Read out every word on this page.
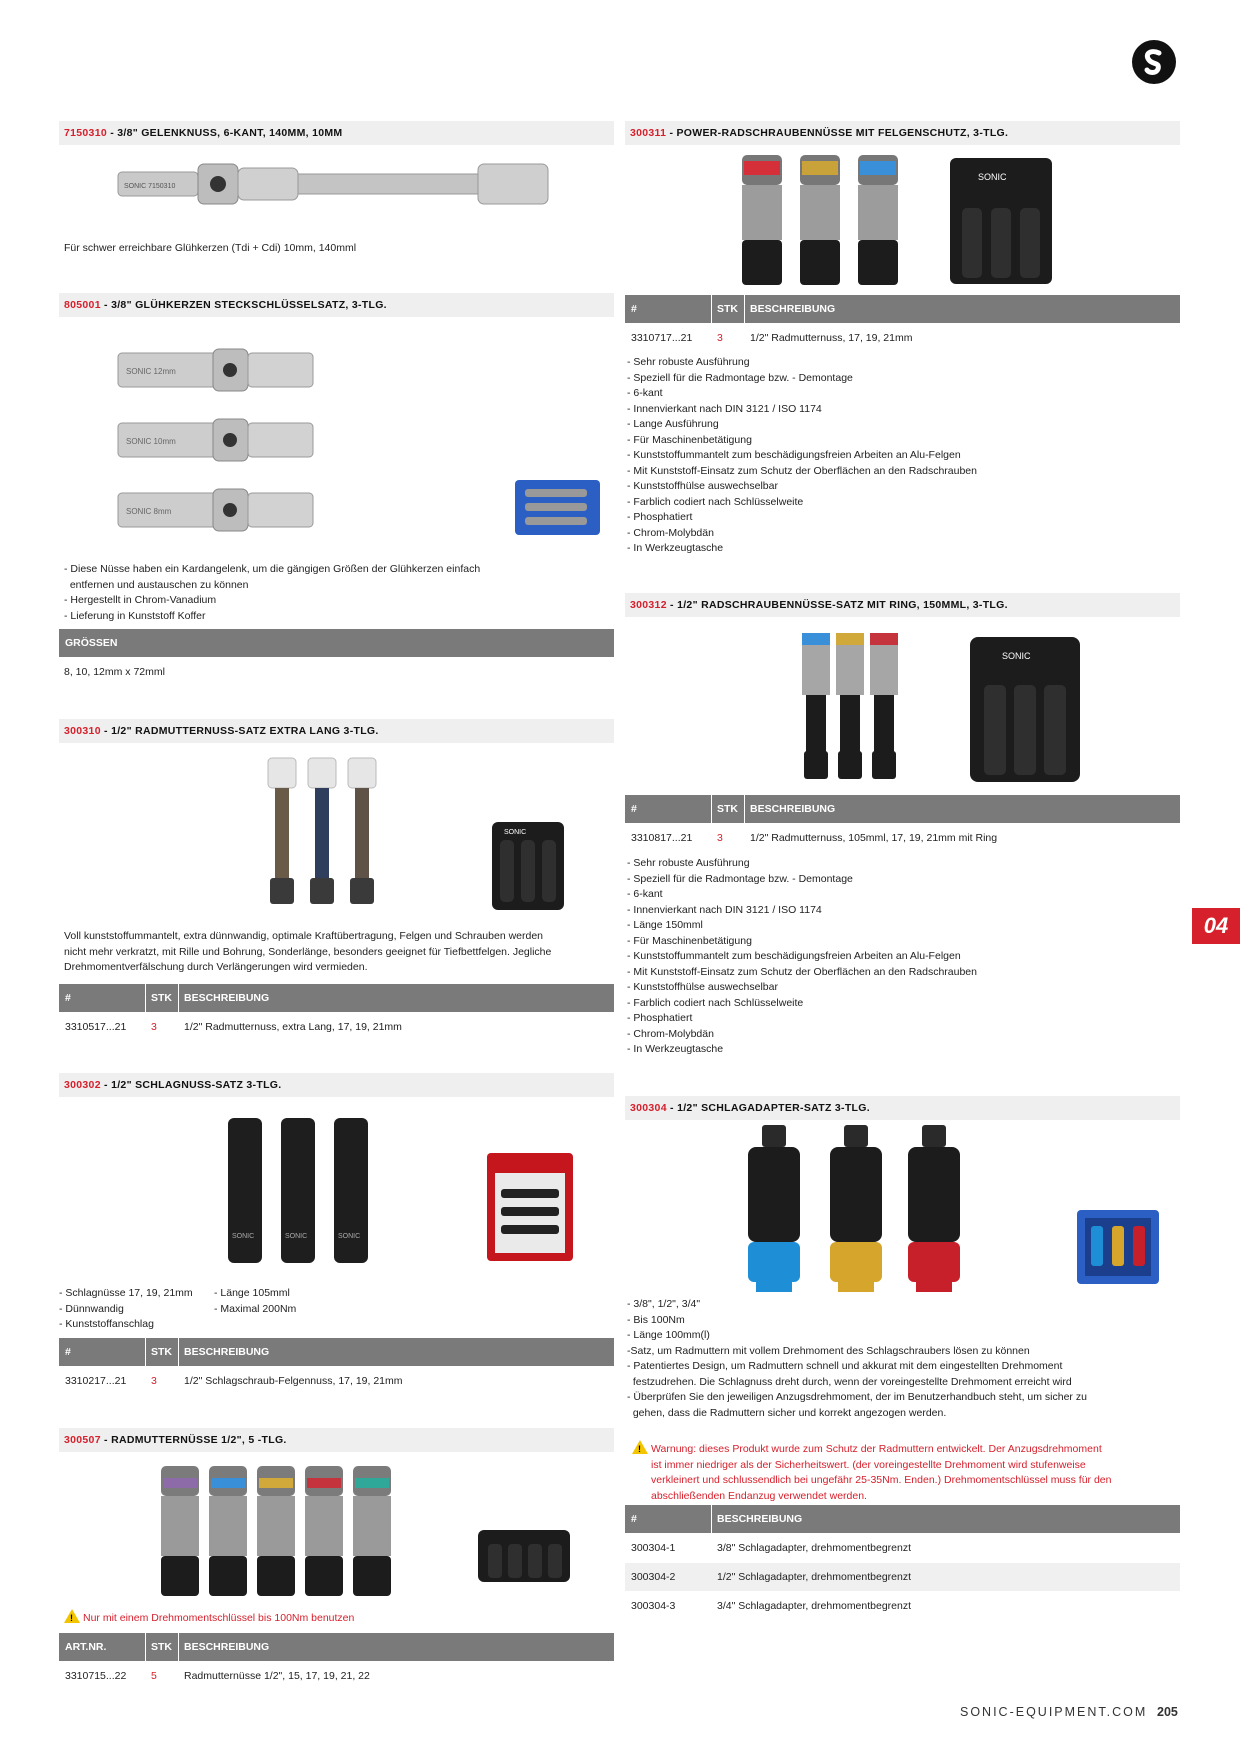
04
7150310 - 3/8" GELENKNUSS, 6-KANT, 140MM, 10MM
SONIC 7150310
Für schwer erreichbare Glühkerzen (Tdi + Cdi) 10mm, 140mml
805001 - 3/8" GLÜHKERZEN STECKSCHLÜSSELSATZ, 3-TLG.
SONIC 12mm
SONIC 10mm
SONIC 8mm
- Diese Nüsse haben ein Kardangelenk, um die gängigen Größen der Glühkerzen einfach
entfernen und austauschen zu können
- Hergestellt in Chrom-Vanadium
- Lieferung in Kunststoff Koffer
GRÖSSEN
8, 10, 12mm x 72mml
300310 - 1/2" RADMUTTERNUSS-SATZ EXTRA LANG 3-TLG.
SONIC
Voll kunststoffummantelt, extra dünnwandig, optimale Kraftübertragung, Felgen und Schrauben werden
nicht mehr verkratzt, mit Rille und Bohrung, Sonderlänge, besonders geeignet für Tiefbettfelgen. Jegliche
Drehmomentverfälschung durch Verlängerungen wird vermieden.
#	STK BESCHREIBUNG
3310517...21 3	1/2" Radmutternuss, extra Lang, 17, 19, 21mm
300302 - 1/2" SCHLAGNUSS-SATZ 3-TLG.
SONIC	SONIC	SONIC
- Schlagnüsse 17, 19, 21mm
- Dünnwandig
- Kunststoffanschlag
- Länge 105mml
- Maximal 200Nm
#	STK BESCHREIBUNG
3310217...21 3	1/2" Schlagschraub-Felgennuss, 17, 19, 21mm
300507 - RADMUTTERNÜSSE 1/2", 5 -TLG.
!Nur mit einem Drehmomentschlüssel bis 100Nm benutzen
ART.NR.	STK BESCHREIBUNG
3310715...22 5	Radmutternüsse 1/2", 15, 17, 19, 21, 22
300311 - POWER-RADSCHRAUBENNÜSSE MIT FELGENSCHUTZ, 3-TLG.
SONIC
#	STK BESCHREIBUNG
3310717...21 3	1/2" Radmutternuss, 17, 19, 21mm
- Sehr robuste Ausführung
- Speziell für die Radmontage bzw. - Demontage
- 6-kant
- Innenvierkant nach DIN 3121 / ISO 1174
- Lange Ausführung
- Für Maschinenbetätigung
- Kunststoffummantelt zum beschädigungsfreien Arbeiten an Alu-Felgen
- Mit Kunststoff-Einsatz zum Schutz der Oberflächen an den Radschrauben
- Kunststoffhülse auswechselbar
- Farblich codiert nach Schlüsselweite
- Phosphatiert
- Chrom-Molybdän
- In Werkzeugtasche
300312 - 1/2" RADSCHRAUBENNÜSSE-SATZ MIT RING, 150MML, 3-TLG.
SONIC
#	STK BESCHREIBUNG
3310817...21 3	1/2" Radmutternuss, 105mml, 17, 19, 21mm mit Ring
- Sehr robuste Ausführung
- Speziell für die Radmontage bzw. - Demontage
- 6-kant
- Innenvierkant nach DIN 3121 / ISO 1174
- Länge 150mml
- Für Maschinenbetätigung
- Kunststoffummantelt zum beschädigungsfreien Arbeiten an Alu-Felgen
- Mit Kunststoff-Einsatz zum Schutz der Oberflächen an den Radschrauben
- Kunststoffhülse auswechselbar
- Farblich codiert nach Schlüsselweite
- Phosphatiert
- Chrom-Molybdän
- In Werkzeugtasche
300304 - 1/2" SCHLAGADAPTER-SATZ 3-TLG.
- 3/8", 1/2", 3/4"
- Bis 100Nm
- Länge 100mm(l)
-Satz, um Radmuttern mit vollem Drehmoment des Schlagschraubers lösen zu können
- Patentiertes Design, um Radmuttern schnell und akkurat mit dem eingestellten Drehmoment
festzudrehen. Die Schlagnuss dreht durch, wenn der voreingestellte Drehmoment erreicht wird
- Überprüfen Sie den jeweiligen Anzugsdrehmoment, der im Benutzerhandbuch steht, um sicher zu
gehen, dass die Radmuttern sicher und korrekt angezogen werden.
!Warnung: dieses Produkt wurde zum Schutz der Radmuttern entwickelt. Der Anzugsdrehmoment
ist immer niedriger als der Sicherheitswert. (der voreingestellte Drehmoment wird stufenweise
verkleinert und schlussendlich bei ungefähr 25-35Nm. Enden.) Drehmomentschlüssel muss für den
abschließenden Endanzug verwendet werden.
#	BESCHREIBUNG
300304-1	3/8" Schlagadapter, drehmomentbegrenzt
300304-2	1/2" Schlagadapter, drehmomentbegrenzt
300304-3	3/4" Schlagadapter, drehmomentbegrenzt
SONIC-EQUIPMENT.COM 205
